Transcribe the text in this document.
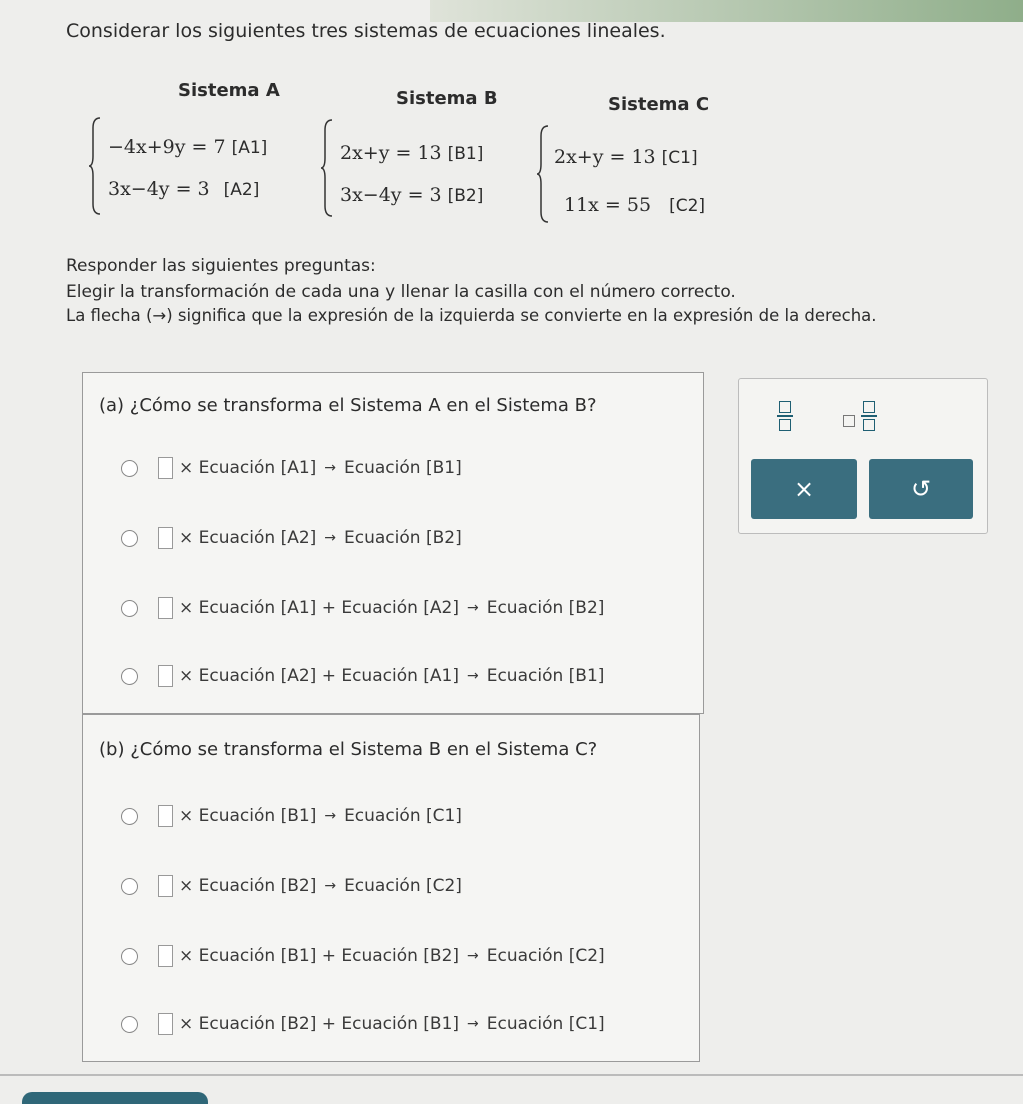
Considerar los siguientes tres sistemas de ecuaciones lineales.
Sistema A	Sistema B	Sistema C
−4x+9y = 7 [A1]
3x−4y = 3 [A2]
2x+y = 13 [B1]
3x−4y = 3 [B2]
2x+y = 13 [C1]
11x = 55 [C2]
Responder las siguientes preguntas:
Elegir la transformación de cada una y llenar la casilla con el número correcto.
La flecha (→) significa que la expresión de la izquierda se convierte en la expresión de la derecha.
(a) ¿Cómo se transforma el Sistema A en el Sistema B?
× Ecuación [A1] → Ecuación [B1]
× Ecuación [A2] → Ecuación [B2]
× Ecuación [A1] + Ecuación [A2] → Ecuación [B2]
× Ecuación [A2] + Ecuación [A1] → Ecuación [B1]
(b) ¿Cómo se transforma el Sistema B en el Sistema C?
× Ecuación [B1] → Ecuación [C1]
× Ecuación [B2] → Ecuación [C2]
× Ecuación [B1] + Ecuación [B2] → Ecuación [C2]
× Ecuación [B2] + Ecuación [B1] → Ecuación [C1]
×	↺
